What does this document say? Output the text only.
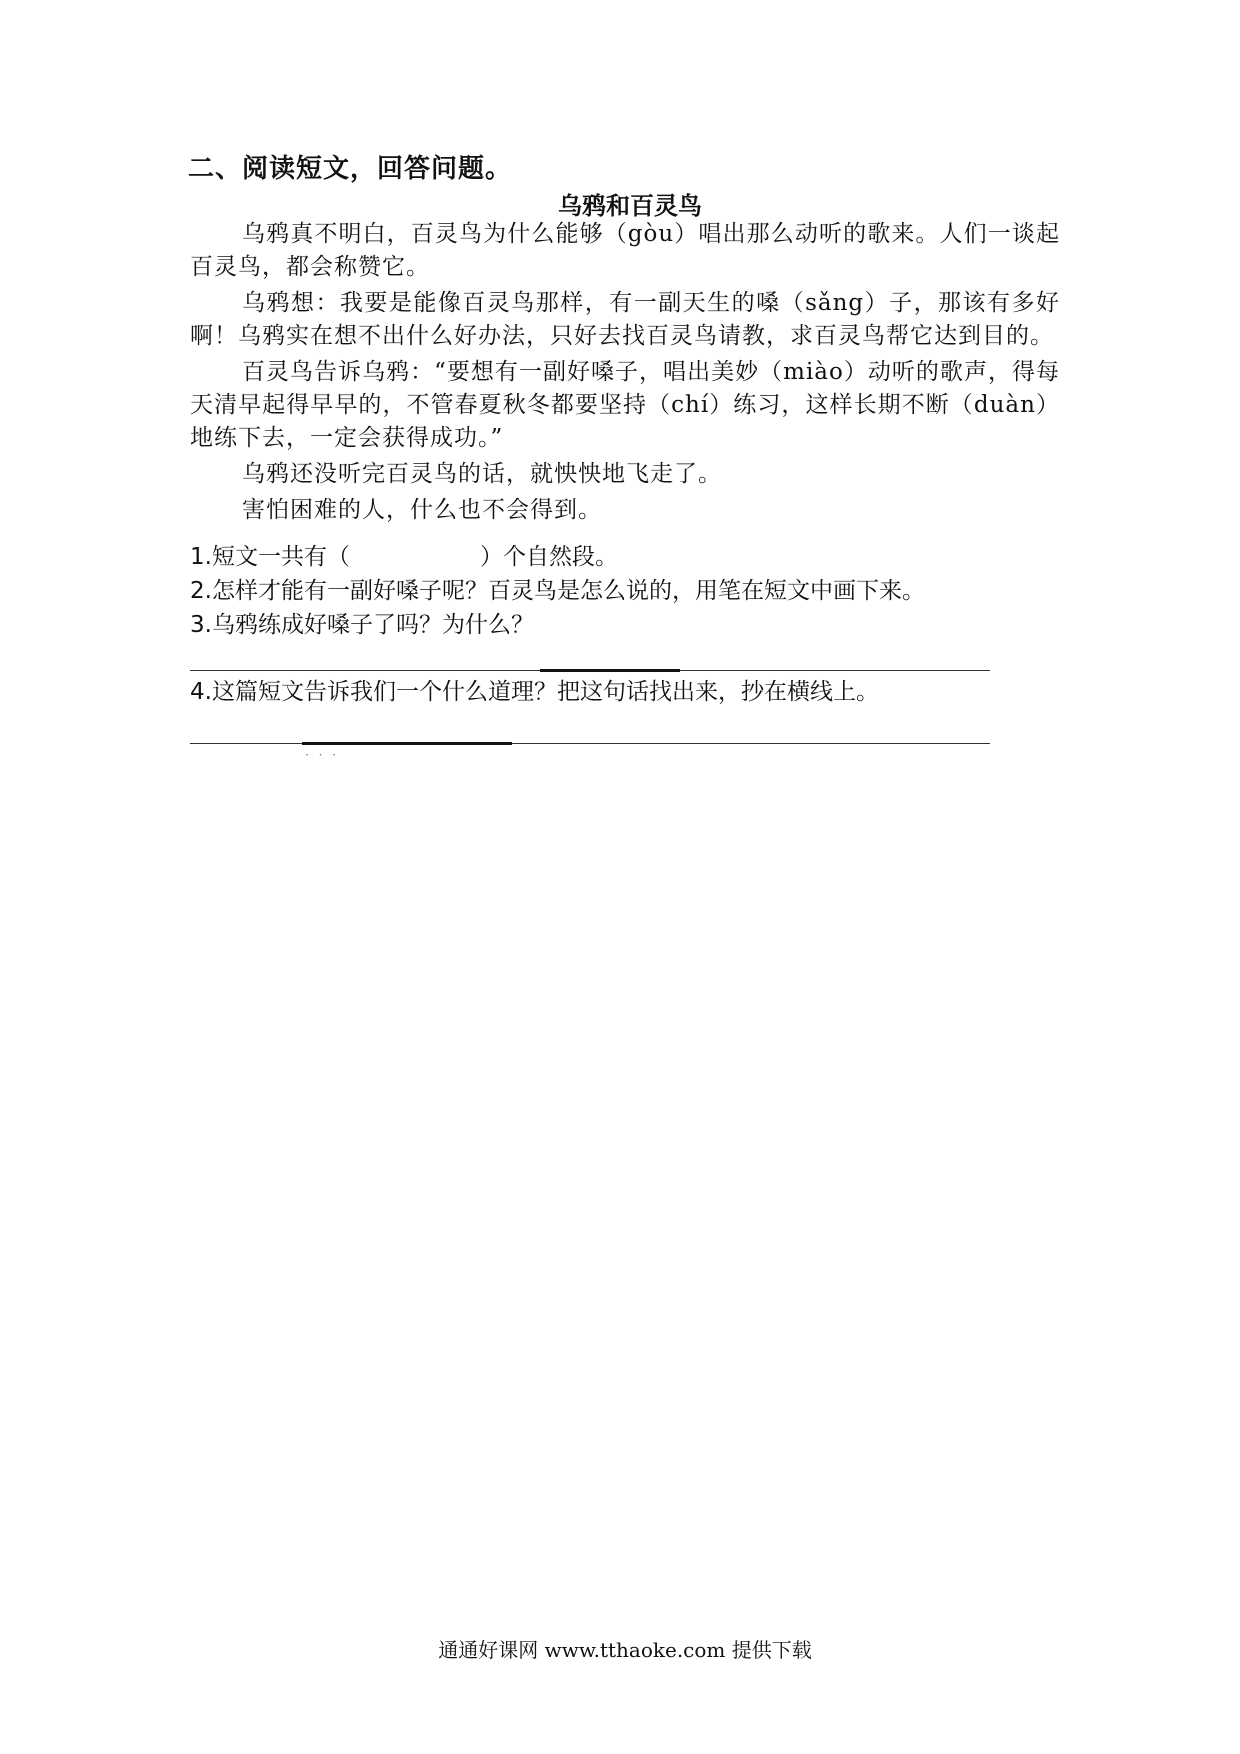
二、阅读短文，回答问题。
乌鸦和百灵鸟

乌鸦真不明白，百灵鸟为什么能够（gòu）唱出那么动听的歌来。人们一谈起百灵鸟，都会称赞它。

乌鸦想：我要是能像百灵鸟那样，有一副天生的嗓（sǎng）子，那该有多好啊！乌鸦实在想不出什么好办法，只好去找百灵鸟请教，求百灵鸟帮它达到目的。

百灵鸟告诉乌鸦：“要想有一副好嗓子，唱出美妙（miào）动听的歌声，得每天清早起得早早的，不管春夏秋冬都要坚持（chí）练习，这样长期不断（duàn）地练下去，一定会获得成功。”

乌鸦还没听完百灵鸟的话，就怏怏地飞走了。

害怕困难的人，什么也不会得到。

1.短文一共有（	）个自然段。
2.怎样才能有一副好嗓子呢？百灵鸟是怎么说的，用笔在短文中画下来。
3.乌鸦练成好嗓子了吗？为什么？
4.这篇短文告诉我们一个什么道理？把这句话找出来，抄在横线上。
· · ·
通通好课网 www.tthaoke.com 提供下载
